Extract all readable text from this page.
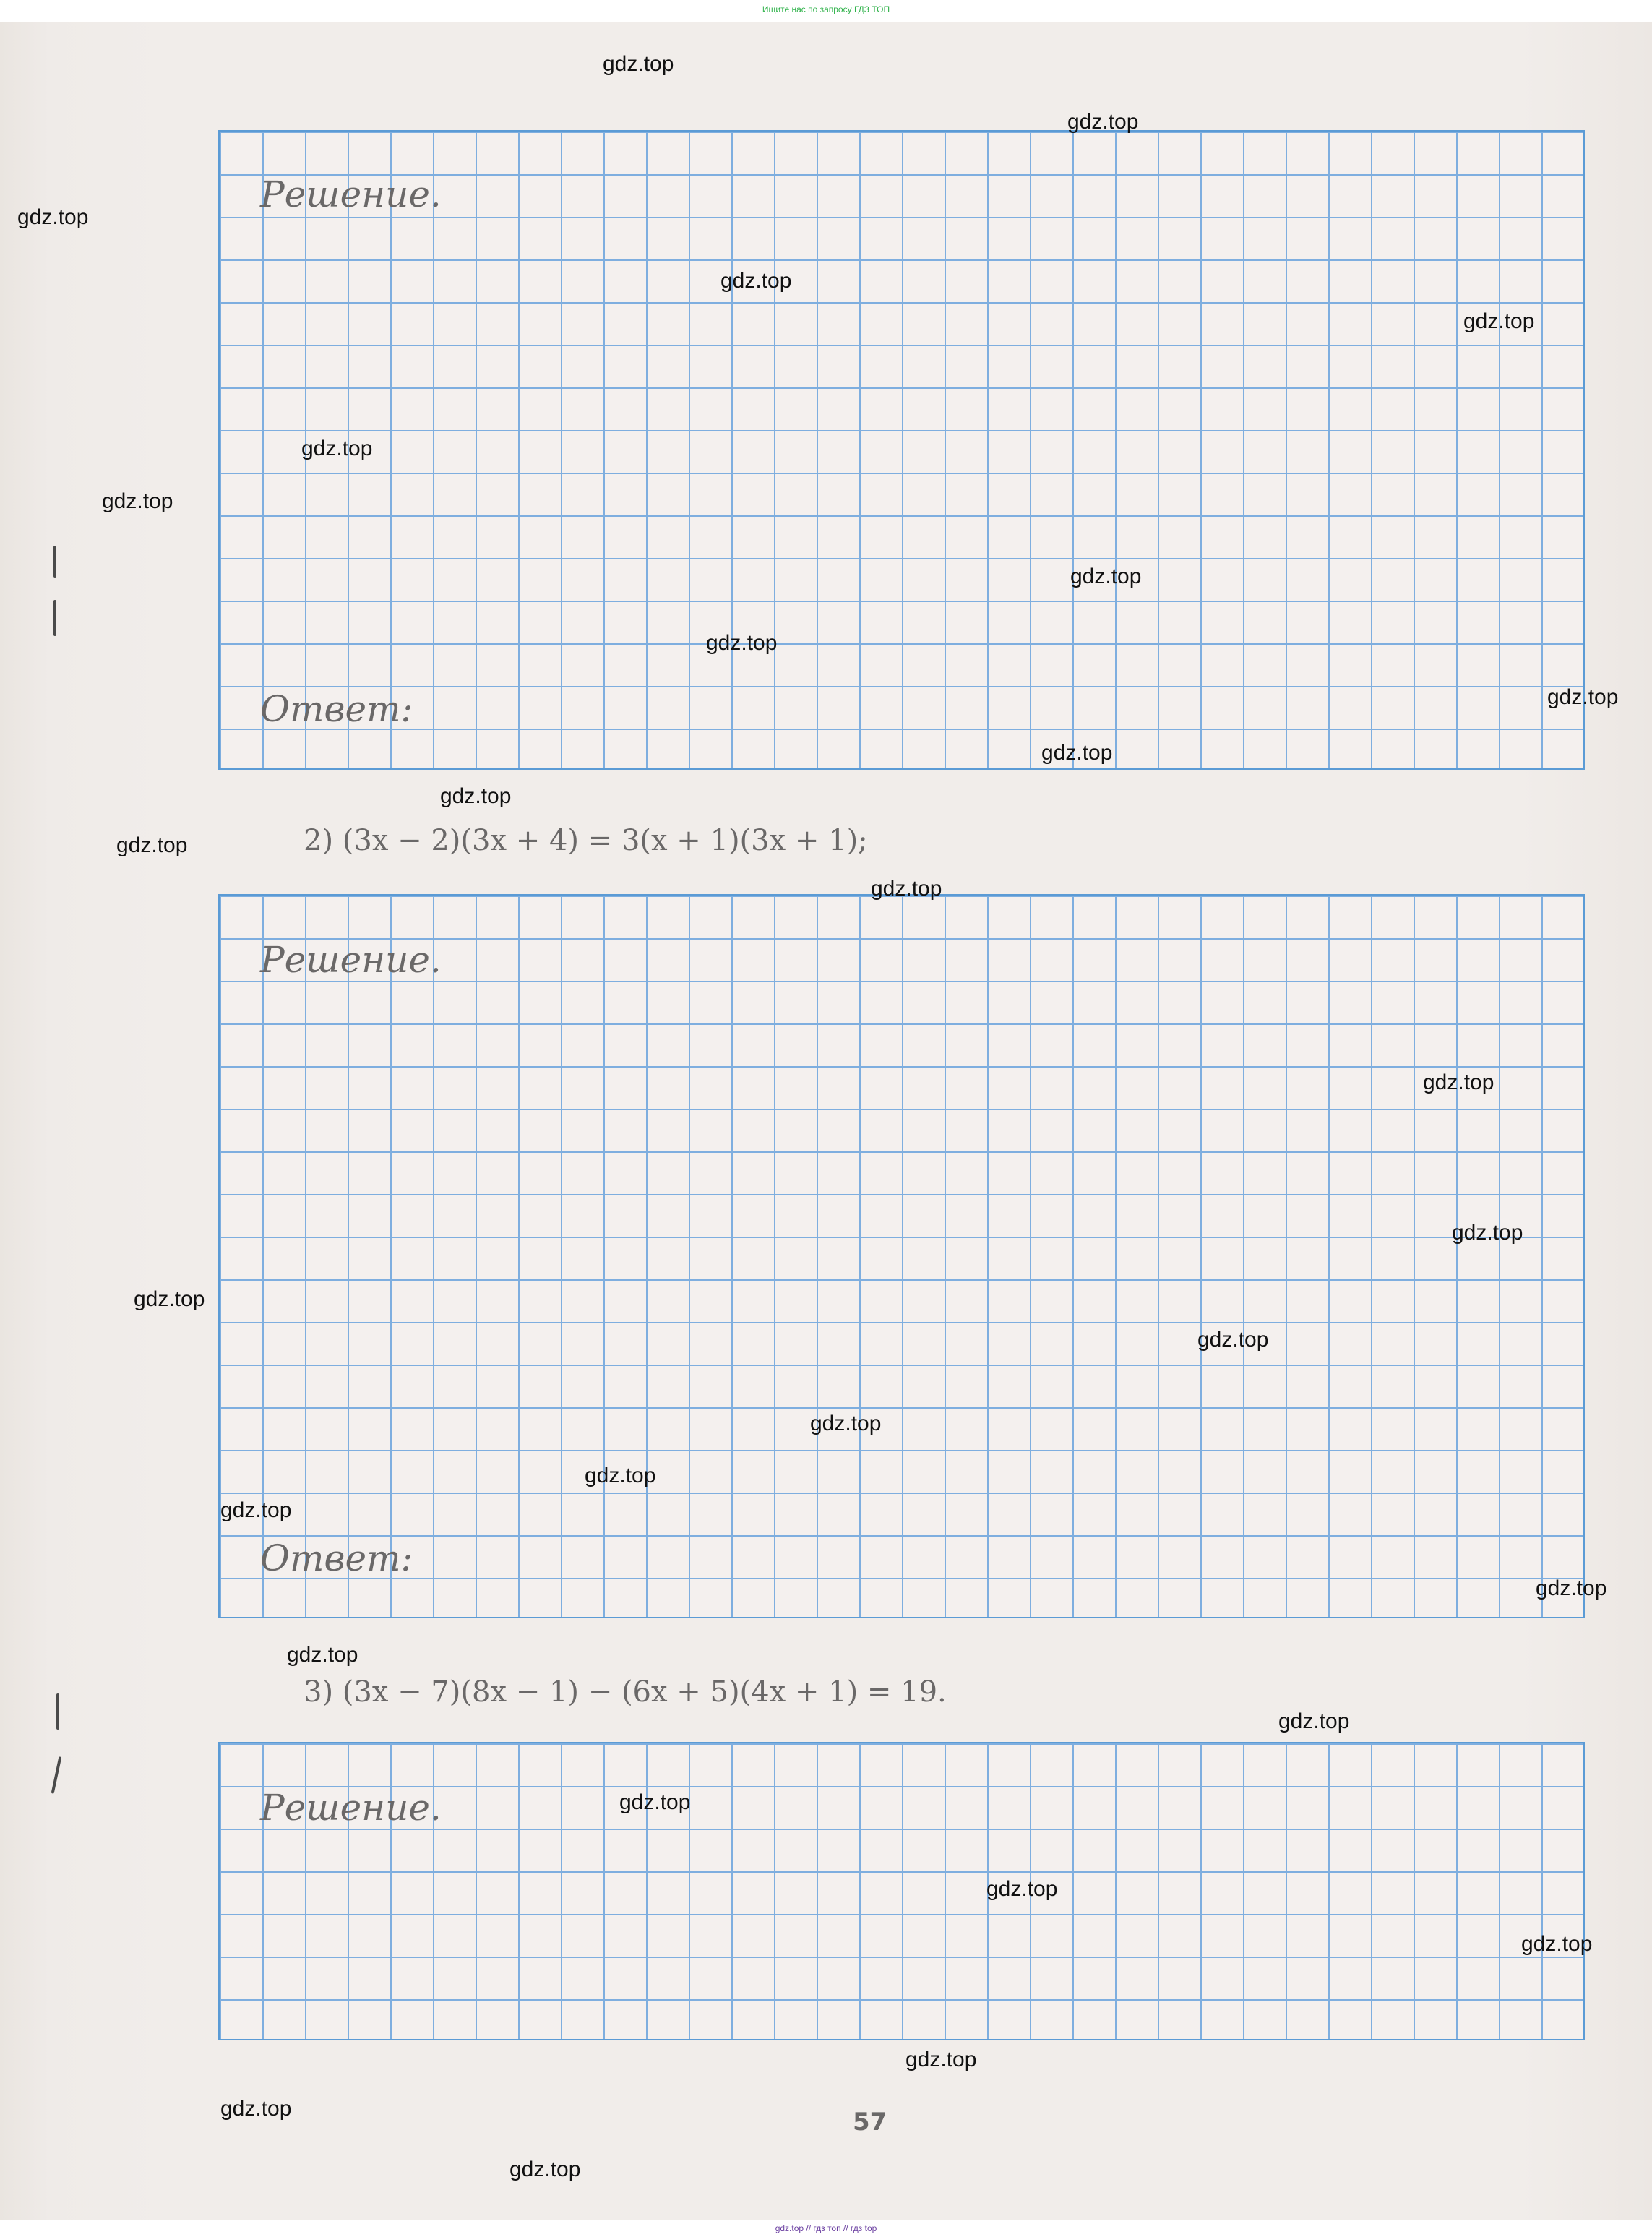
Ищите нас по запросу ГДЗ ТОП
Решение.
Ответ:
2) (3x − 2)(3x + 4) = 3(x + 1)(3x + 1);
Решение.
Ответ:
3) (3x − 7)(8x − 1) − (6x + 5)(4x + 1) = 19.
Решение.
57
gdz.top
gdz.top
gdz.top
gdz.top
gdz.top
gdz.top
gdz.top
gdz.top
gdz.top
gdz.top
gdz.top
gdz.top
gdz.top
gdz.top
gdz.top
gdz.top
gdz.top
gdz.top
gdz.top
gdz.top
gdz.top
gdz.top
gdz.top
gdz.top
gdz.top
gdz.top
gdz.top
gdz.top
gdz.top
gdz.top
gdz.top // гдз топ // гдз top
